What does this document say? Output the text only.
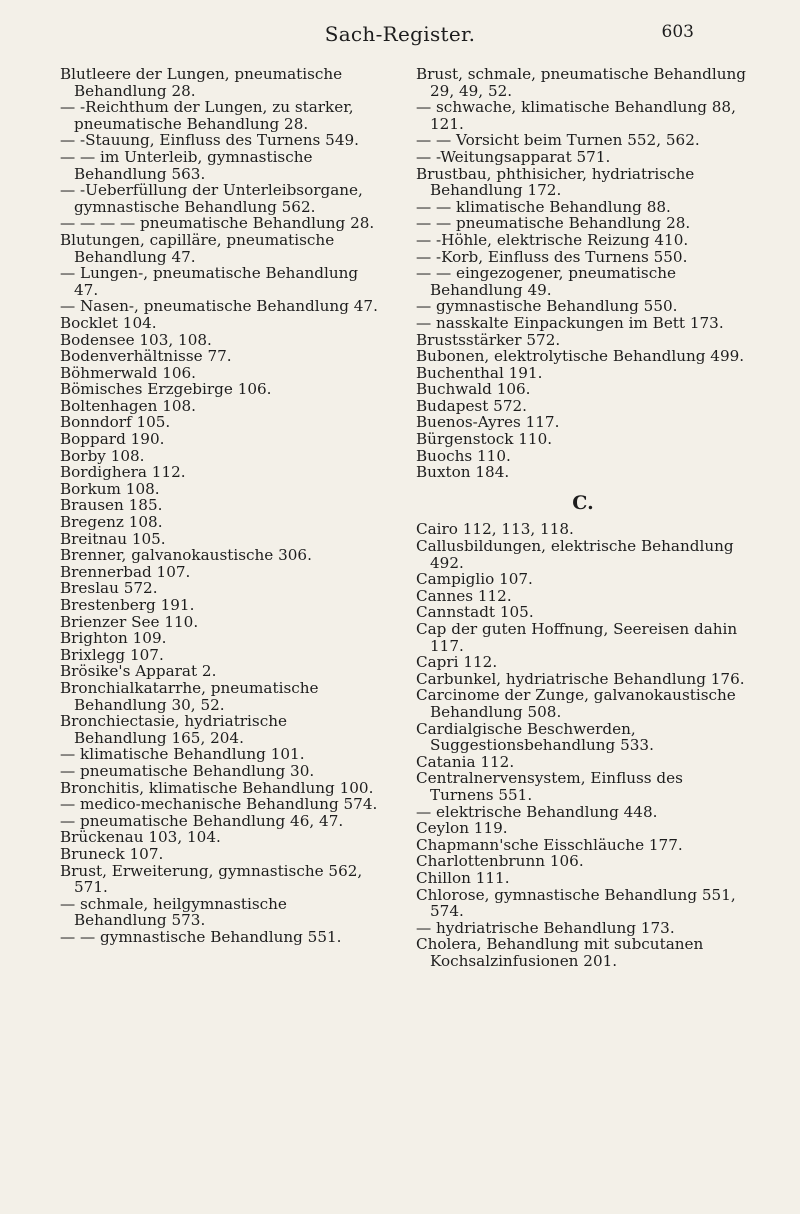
Sach-Register.	603
Blutleere der Lungen, pneumatische Behandlung 28.
— -Reichthum der Lungen, zu starker, pneumatische Behandlung 28.
— -Stauung, Einfluss des Turnens 549.
— — im Unterleib, gymnastische Behandlung 563.
— -Ueberfüllung der Unterleibsorgane, gymnastische Behandlung 562.
— — — — pneumatische Behandlung 28.
Blutungen, capilläre, pneumatische Behandlung 47.
— Lungen-, pneumatische Behandlung 47.
— Nasen-, pneumatische Behandlung 47.
Bocklet 104.
Bodensee 103, 108.
Bodenverhältnisse 77.
Böhmerwald 106.
Bömisches Erzgebirge 106.
Boltenhagen 108.
Bonndorf 105.
Boppard 190.
Borby 108.
Bordighera 112.
Borkum 108.
Brausen 185.
Bregenz 108.
Breitnau 105.
Brenner, galvanokaustische 306.
Brennerbad 107.
Breslau 572.
Brestenberg 191.
Brienzer See 110.
Brighton 109.
Brixlegg 107.
Brösike's Apparat 2.
Bronchialkatarrhe, pneumatische Behandlung 30, 52.
Bronchiectasie, hydriatrische Behandlung 165, 204.
— klimatische Behandlung 101.
— pneumatische Behandlung 30.
Bronchitis, klimatische Behandlung 100.
— medico-mechanische Behandlung 574.
— pneumatische Behandlung 46, 47.
Brückenau 103, 104.
Bruneck 107.
Brust, Erweiterung, gymnastische 562, 571.
— schmale, heilgymnastische Behandlung 573.
— — gymnastische Behandlung 551.
Brust, schmale, pneumatische Behandlung 29, 49, 52.
— schwache, klimatische Behandlung 88, 121.
— — Vorsicht beim Turnen 552, 562.
— -Weitungsapparat 571.
Brustbau, phthisicher, hydriatrische Behandlung 172.
— — klimatische Behandlung 88.
— — pneumatische Behandlung 28.
— -Höhle, elektrische Reizung 410.
— -Korb, Einfluss des Turnens 550.
— — eingezogener, pneumatische Behandlung 49.
— gymnastische Behandlung 550.
— nasskalte Einpackungen im Bett 173.
Brustsstärker 572.
Bubonen, elektrolytische Behandlung 499.
Buchenthal 191.
Buchwald 106.
Budapest 572.
Buenos-Ayres 117.
Bürgenstock 110.
Buochs 110.
Buxton 184.
C.
Cairo 112, 113, 118.
Callusbildungen, elektrische Behandlung 492.
Campiglio 107.
Cannes 112.
Cannstadt 105.
Cap der guten Hoffnung, Seereisen dahin 117.
Capri 112.
Carbunkel, hydriatrische Behandlung 176.
Carcinome der Zunge, galvanokaustische Behandlung 508.
Cardialgische Beschwerden, Suggestionsbehandlung 533.
Catania 112.
Centralnervensystem, Einfluss des Turnens 551.
— elektrische Behandlung 448.
Ceylon 119.
Chapmann'sche Eisschläuche 177.
Charlottenbrunn 106.
Chillon 111.
Chlorose, gymnastische Behandlung 551, 574.
— hydriatrische Behandlung 173.
Cholera, Behandlung mit subcutanen Kochsalzinfusionen 201.
